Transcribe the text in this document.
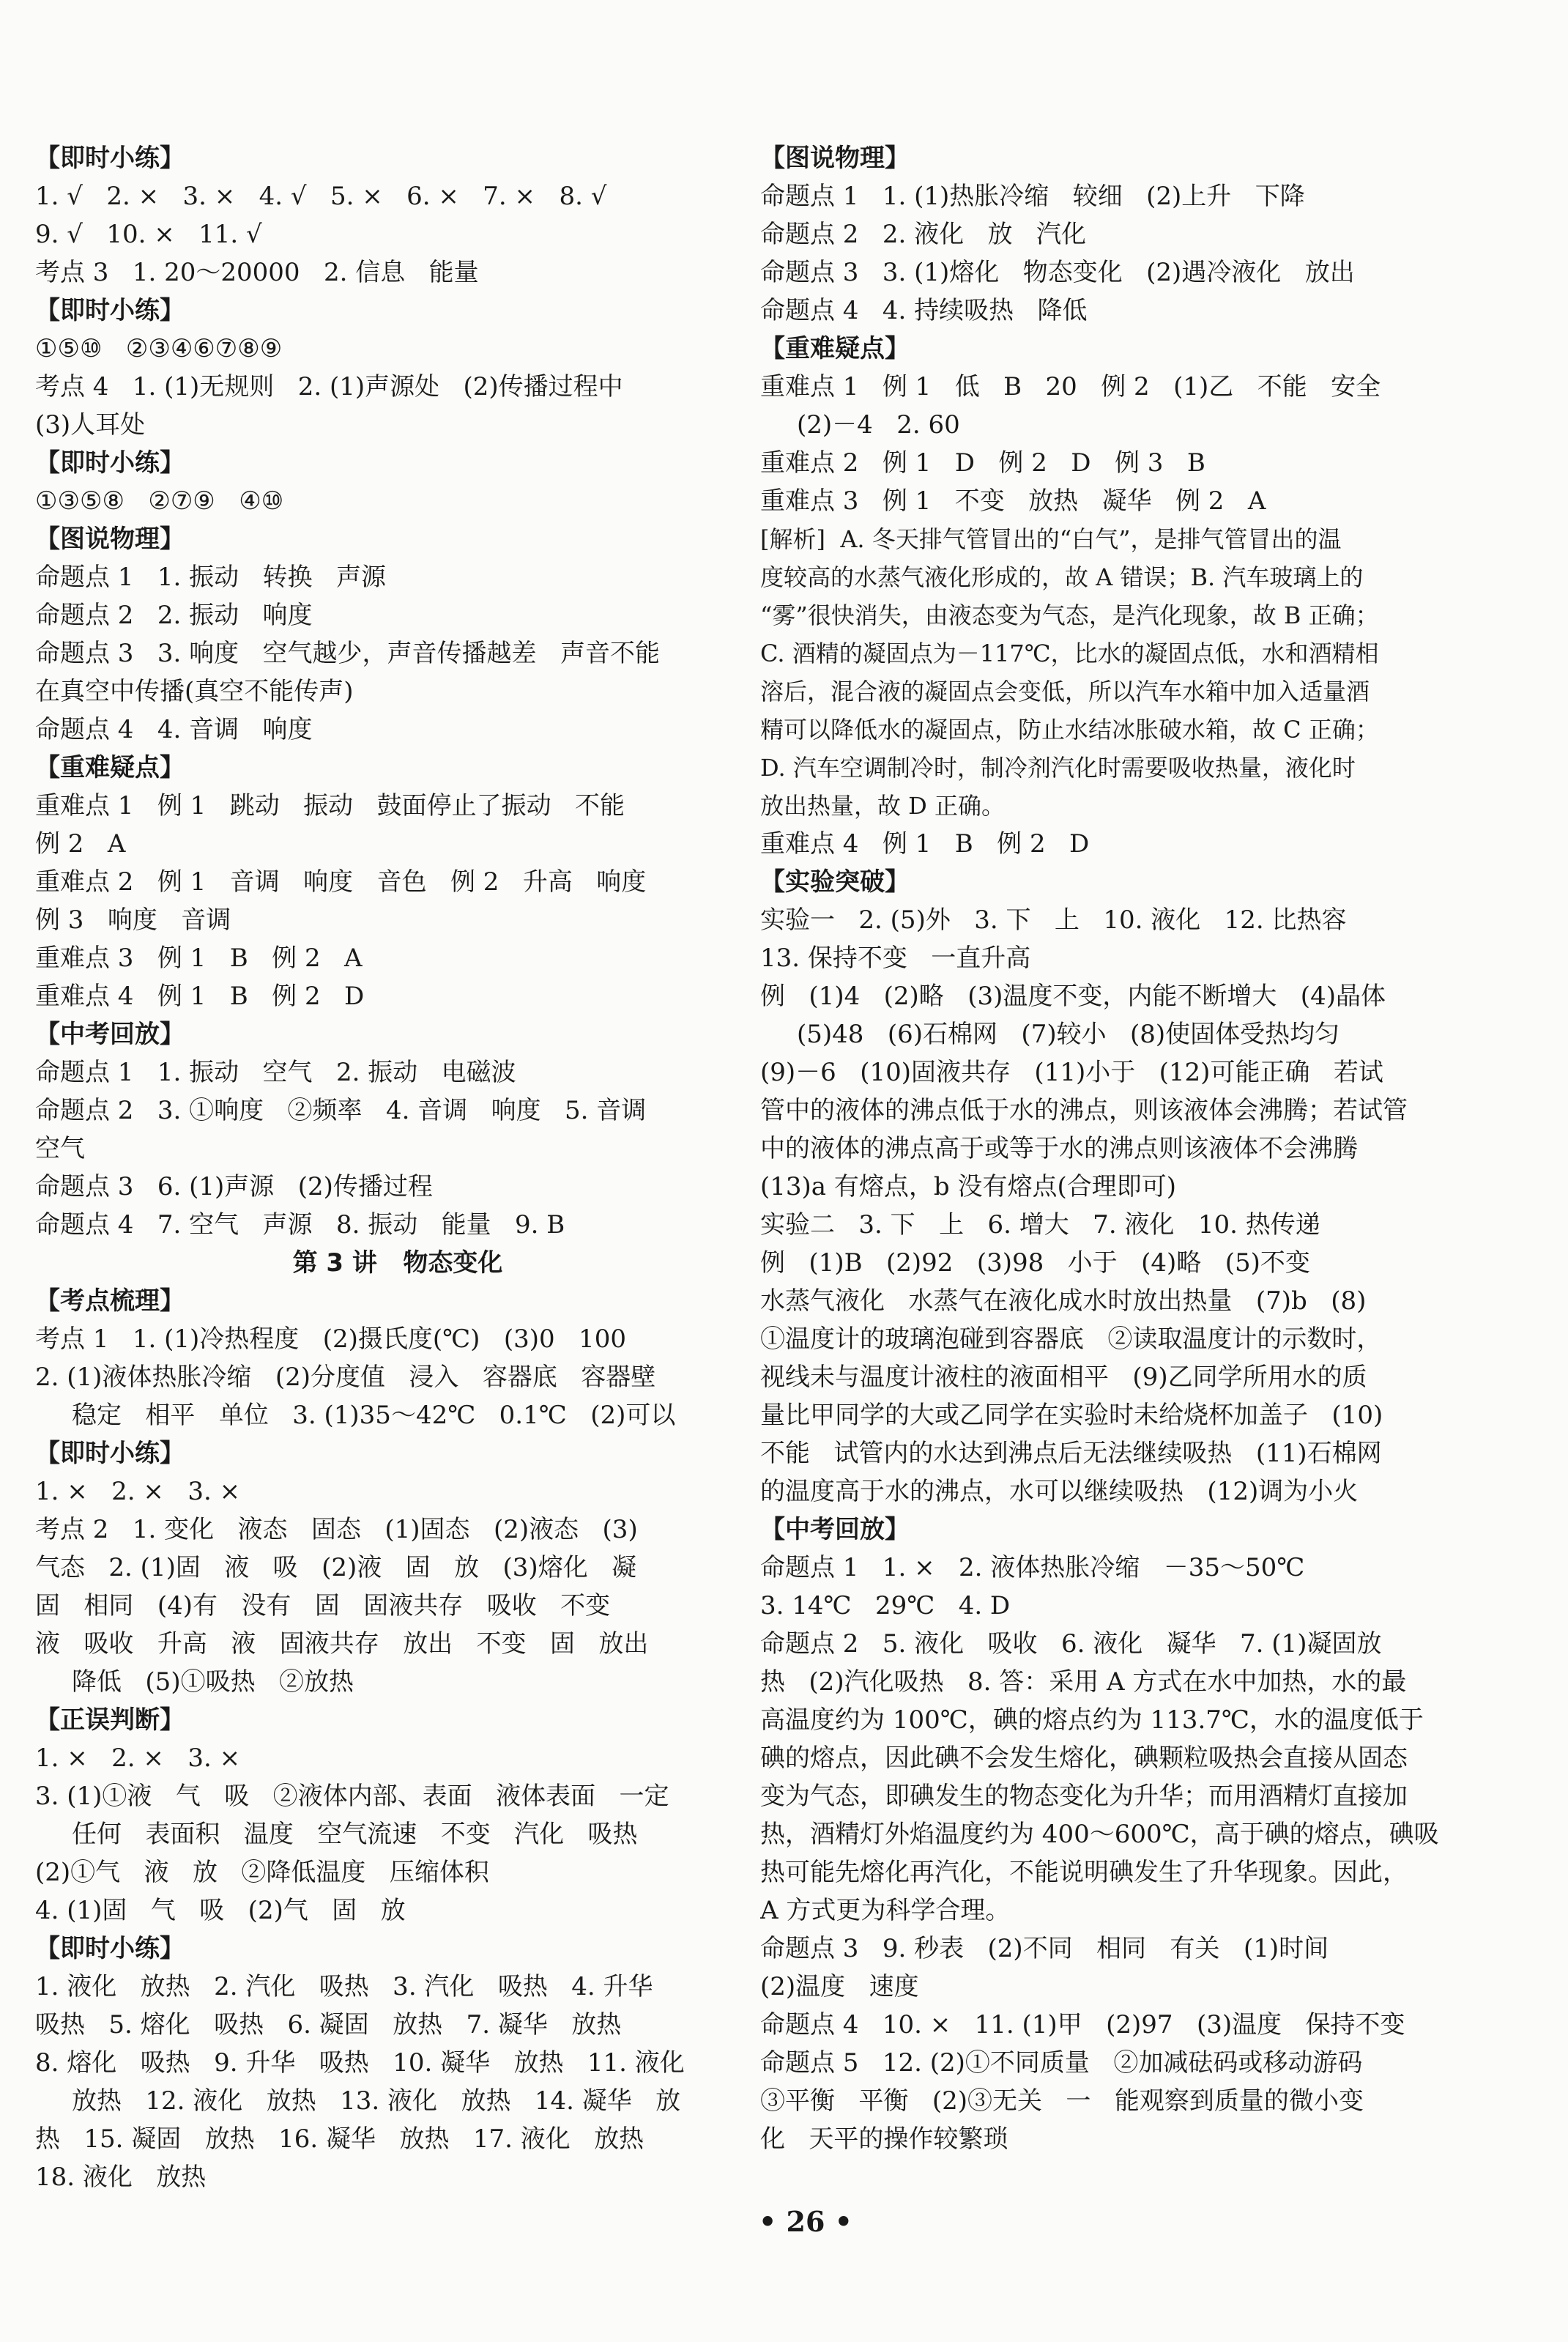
【即时小练】
1. √   2. ×   3. ×   4. √   5. ×   6. ×   7. ×   8. √
9. √   10. ×   11. √
考点 3   1. 20～20000   2. 信息   能量
【即时小练】
①⑤⑩   ②③④⑥⑦⑧⑨
考点 4   1. (1)无规则   2. (1)声源处   (2)传播过程中
(3)人耳处
【即时小练】
①③⑤⑧   ②⑦⑨   ④⑩
【图说物理】
命题点 1   1. 振动   转换   声源
命题点 2   2. 振动   响度
命题点 3   3. 响度   空气越少，声音传播越差   声音不能
在真空中传播(真空不能传声)
命题点 4   4. 音调   响度
【重难疑点】
重难点 1   例 1   跳动   振动   鼓面停止了振动   不能
例 2   A
重难点 2   例 1   音调   响度   音色   例 2   升高   响度
例 3   响度   音调
重难点 3   例 1   B   例 2   A
重难点 4   例 1   B   例 2   D
【中考回放】
命题点 1   1. 振动   空气   2. 振动   电磁波
命题点 2   3. ①响度   ②频率   4. 音调   响度   5. 音调
空气
命题点 3   6. (1)声源   (2)传播过程
命题点 4   7. 空气   声源   8. 振动   能量   9. B
第 3 讲   物态变化
【考点梳理】
考点 1   1. (1)冷热程度   (2)摄氏度(℃)   (3)0   100
2. (1)液体热胀冷缩   (2)分度值   浸入   容器底   容器壁
稳定   相平   单位   3. (1)35～42℃   0.1℃   (2)可以
【即时小练】
1. ×   2. ×   3. ×
考点 2   1. 变化   液态   固态   (1)固态   (2)液态   (3)
气态   2. (1)固   液   吸   (2)液   固   放   (3)熔化   凝
固   相同   (4)有   没有   固   固液共存   吸收   不变
液   吸收   升高   液   固液共存   放出   不变   固   放出
降低   (5)①吸热   ②放热
【正误判断】
1. ×   2. ×   3. ×
3. (1)①液   气   吸   ②液体内部、表面   液体表面   一定
任何   表面积   温度   空气流速   不变   汽化   吸热
(2)①气   液   放   ②降低温度   压缩体积
4. (1)固   气   吸   (2)气   固   放
【即时小练】
1. 液化   放热   2. 汽化   吸热   3. 汽化   吸热   4. 升华
吸热   5. 熔化   吸热   6. 凝固   放热   7. 凝华   放热
8. 熔化   吸热   9. 升华   吸热   10. 凝华   放热   11. 液化
放热   12. 液化   放热   13. 液化   放热   14. 凝华   放
热   15. 凝固   放热   16. 凝华   放热   17. 液化   放热
18. 液化   放热
【图说物理】
命题点 1   1. (1)热胀冷缩   较细   (2)上升   下降
命题点 2   2. 液化   放   汽化
命题点 3   3. (1)熔化   物态变化   (2)遇冷液化   放出
命题点 4   4. 持续吸热   降低
【重难疑点】
重难点 1   例 1   低   B   20   例 2   (1)乙   不能   安全
(2)－4   2. 60
重难点 2   例 1   D   例 2   D   例 3   B
重难点 3   例 1   不变   放热   凝华   例 2   A
[解析]  A. 冬天排气管冒出的“白气”，是排气管冒出的温
度较高的水蒸气液化形成的，故 A 错误；B. 汽车玻璃上的
“雾”很快消失，由液态变为气态，是汽化现象，故 B 正确；
C. 酒精的凝固点为－117℃，比水的凝固点低，水和酒精相
溶后，混合液的凝固点会变低，所以汽车水箱中加入适量酒
精可以降低水的凝固点，防止水结冰胀破水箱，故 C 正确；
D. 汽车空调制冷时，制冷剂汽化时需要吸收热量，液化时
放出热量，故 D 正确。
重难点 4   例 1   B   例 2   D
【实验突破】
实验一   2. (5)外   3. 下   上   10. 液化   12. 比热容
13. 保持不变   一直升高
例   (1)4   (2)略   (3)温度不变，内能不断增大   (4)晶体
(5)48   (6)石棉网   (7)较小   (8)使固体受热均匀
(9)－6   (10)固液共存   (11)小于   (12)可能正确   若试
管中的液体的沸点低于水的沸点，则该液体会沸腾；若试管
中的液体的沸点高于或等于水的沸点则该液体不会沸腾
(13)a 有熔点，b 没有熔点(合理即可)
实验二   3. 下   上   6. 增大   7. 液化   10. 热传递
例   (1)B   (2)92   (3)98   小于   (4)略   (5)不变
水蒸气液化   水蒸气在液化成水时放出热量   (7)b   (8)
①温度计的玻璃泡碰到容器底   ②读取温度计的示数时，
视线未与温度计液柱的液面相平   (9)乙同学所用水的质
量比甲同学的大或乙同学在实验时未给烧杯加盖子   (10)
不能   试管内的水达到沸点后无法继续吸热   (11)石棉网
的温度高于水的沸点，水可以继续吸热   (12)调为小火
【中考回放】
命题点 1   1. ×   2. 液体热胀冷缩   －35～50℃
3. 14℃   29℃   4. D
命题点 2   5. 液化   吸收   6. 液化   凝华   7. (1)凝固放
热   (2)汽化吸热   8. 答：采用 A 方式在水中加热，水的最
高温度约为 100℃，碘的熔点约为 113.7℃，水的温度低于
碘的熔点，因此碘不会发生熔化，碘颗粒吸热会直接从固态
变为气态，即碘发生的物态变化为升华；而用酒精灯直接加
热，酒精灯外焰温度约为 400～600℃，高于碘的熔点，碘吸
热可能先熔化再汽化，不能说明碘发生了升华现象。因此，
A 方式更为科学合理。
命题点 3   9. 秒表   (2)不同   相同   有关   (1)时间
(2)温度   速度
命题点 4   10. ×   11. (1)甲   (2)97   (3)温度   保持不变
命题点 5   12. (2)①不同质量   ②加减砝码或移动游码
③平衡   平衡   (2)③无关   一   能观察到质量的微小变
化   天平的操作较繁琐
• 26 •
